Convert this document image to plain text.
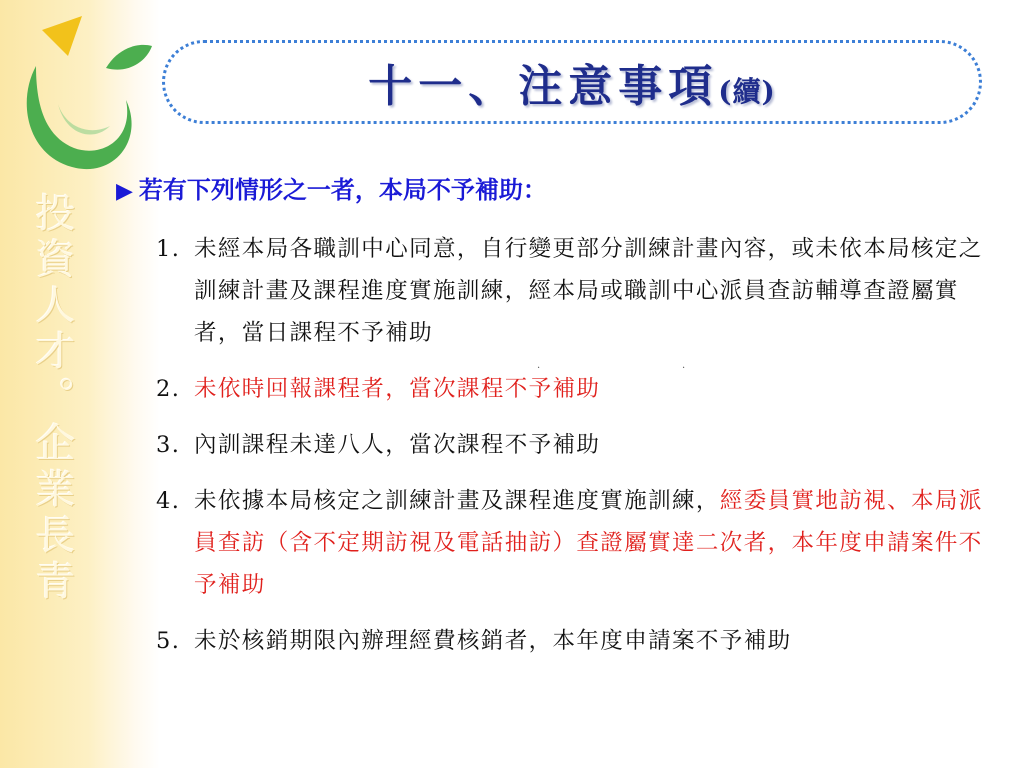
投資人才。企業長青
十一、注意事項(續)
▶ 若有下列情形之一者，本局不予補助：
1. 未經本局各職訓中心同意，自行變更部分訓練計畫內容，或未依本局核定之訓練計畫及課程進度實施訓練，經本局或職訓中心派員查訪輔導查證屬實者，當日課程不予補助
2. 未依時回報課程者，當次課程不予補助
3. 內訓課程未達八人，當次課程不予補助
4. 未依據本局核定之訓練計畫及課程進度實施訓練，經委員實地訪視、本局派員查訪（含不定期訪視及電話抽訪）查證屬實達二次者，本年度申請案件不予補助
5. 未於核銷期限內辦理經費核銷者，本年度申請案不予補助
.	.
